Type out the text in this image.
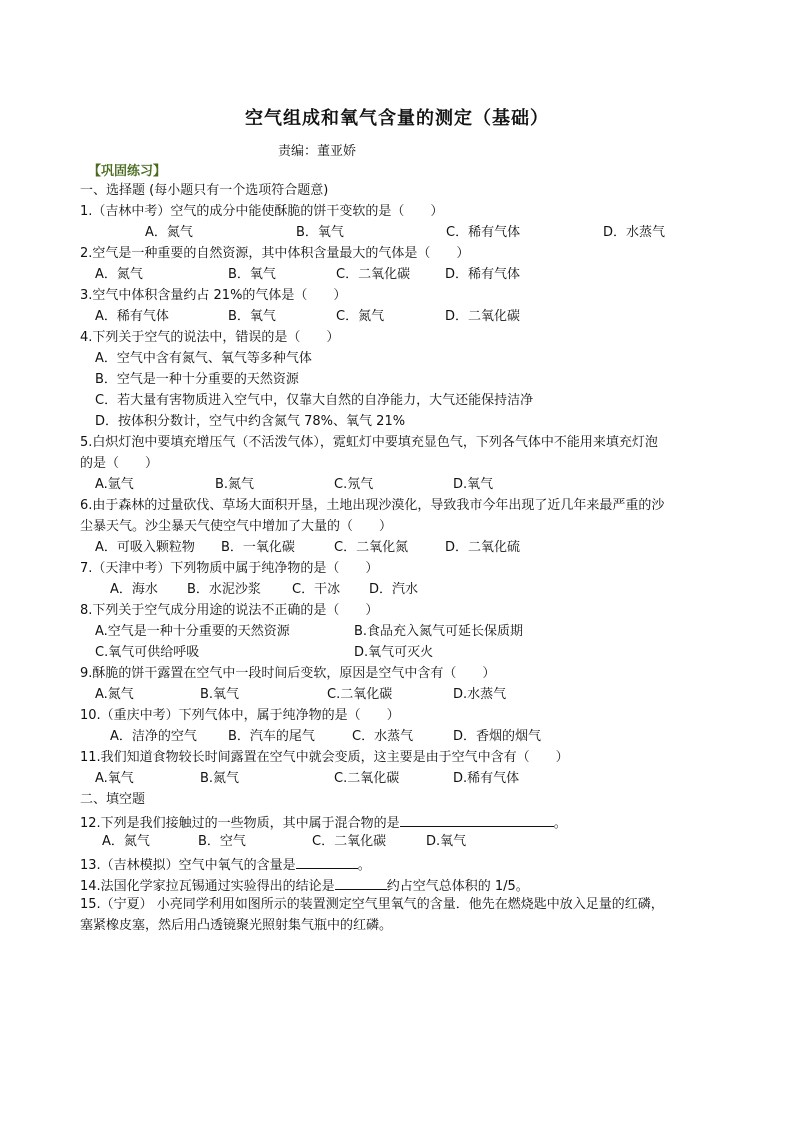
空气组成和氧气含量的测定（基础）
责编：董亚娇
【巩固练习】
一、选择题 (每小题只有一个选项符合题意)
1.（吉林中考）空气的成分中能使酥脆的饼干变软的是（　　）
A．氮气	B．氧气	C．稀有气体	D．水蒸气
2.空气是一种重要的自然资源，其中体积含量最大的气体是（　　）
A．氮气	B．氧气	C．二氧化碳	D．稀有气体
3.空气中体积含量约占 21%的气体是（　　）
A．稀有气体	B．氧气	C．氮气	D．二氧化碳
4.下列关于空气的说法中，错误的是（　　）
A．空气中含有氮气、氧气等多种气体
B．空气是一种十分重要的天然资源
C．若大量有害物质进入空气中，仅靠大自然的自净能力，大气还能保持洁净
D．按体积分数计，空气中约含氮气 78%、氧气 21%
5.白炽灯泡中要填充增压气（不活泼气体），霓虹灯中要填充显色气，下列各气体中不能用来填充灯泡
的是（　　）
A.氩气	B.氮气	C.氖气	D.氧气
6.由于森林的过量砍伐、草场大面积开垦，土地出现沙漠化，导致我市今年出现了近几年来最严重的沙
尘暴天气。沙尘暴天气使空气中增加了大量的（　　）
A．可吸入颗粒物 B．一氧化碳	C．二氧化氮	D．二氧化硫
7.（天津中考）下列物质中属于纯净物的是（　　）
A．海水 B．水泥沙浆 C．干冰 D．汽水
8.下列关于空气成分用途的说法不正确的是（　　）
A.空气是一种十分重要的天然资源	B.食品充入氮气可延长保质期
C.氧气可供给呼吸	D.氧气可灭火
9.酥脆的饼干露置在空气中一段时间后变软，原因是空气中含有（　　）
A.氮气	B.氧气	C.二氧化碳	D.水蒸气
10.（重庆中考）下列气体中，属于纯净物的是（　　）
A．洁净的空气 B．汽车的尾气	C．水蒸气	D．香烟的烟气
11.我们知道食物较长时间露置在空气中就会变质，这主要是由于空气中含有（　　）
A.氧气	B.氮气	C.二氧化碳	D.稀有气体
二、填空题
12.下列是我们接触过的一些物质，其中属于混合物的是	。
A．氮气	B．空气	C．二氧化碳	D.氧气
13.（吉林模拟）空气中氧气的含量是	。
14.法国化学家拉瓦锡通过实验得出的结论是	约占空气总体积的 1/5。
15.（宁夏） 小亮同学利用如图所示的装置测定空气里氧气的含量．他先在燃烧匙中放入足量的红磷，
塞紧橡皮塞，然后用凸透镜聚光照射集气瓶中的红磷。
